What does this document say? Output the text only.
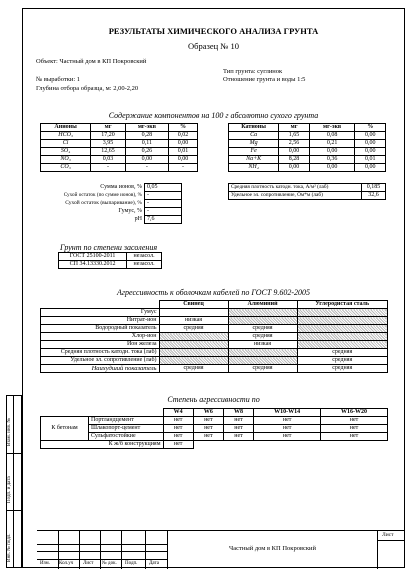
РЕЗУЛЬТАТЫ ХИМИЧЕСКОГО АНАЛИЗА ГРУНТА
Образец № 10
Объект: Частный дом в КП Покровский
Тип грунта: суглинок
№ выработки: 1	Отношение грунта и воды 1:5
Глубина отбора образца, м: 2,00-2,20
Содержание компонентов на 100 г абсолютно сухого грунта
Анионы	мг	мг-экв	%
HCO₃	17,20	0,28	0,02
Cl	3,95	0,11	0,00
SO₄	12,65	0,26	0,01
NO₃	0,03	0,00	0,00
CO₃	-	-	-
Катионы	мг	мг-экв	%
Ca	1,65	0,08	0,00
Mg	2,56	0,21	0,00
Fe	0,00	0,00	0,00
Na+K	8,28	0,36	0,01
NH₄	0,00	0,00	0,00
Сумма ионов, %	0,05
Сухой остаток (по сумме ионов), %	-
Сухой остаток (выпаривание), %	-
Гумус, %	-
pH	7,6
Средняя плотность катодн. тока, А/м² (лаб)	0,185
Удельное эл. сопротивление, Ом*м (лаб)	32,6
Грунт по степени засоления
ГОСТ 25100-2011	незасол.
СП 34.13330.2012	незасол.
Агрессивность к оболочкам кабелей по ГОСТ 9.602-2005
	Свинец	Алюминий	Углеродистая сталь
Гумус			
Нитрат-ион	низкая		
Водородный показатель	средняя	средняя	
Хлор-ион		средняя	
Ион железа		низкая	
Средняя плотность катодн. тока (лаб)			средняя
Удельное эл. сопротивление (лаб)			средняя
Наихудший показатель	средняя	средняя	средняя
Степень агрессивности по
		W4	W6	W8	W10-W14	W16-W20
К бетонам	Портландцемент	нет	нет	нет	нет	нет
	Шлакопорт-цемент	нет	нет	нет	нет	нет
	Сульфатостойкие	нет	нет	нет	нет	нет
К ж/б конструкциям		нет				
Взам. инв. №
Подп. и дата
Инв. № подл.	Лист
Частный дом в КП Покровский
Изм. Кол.уч Лист № док. Подп. Дата
